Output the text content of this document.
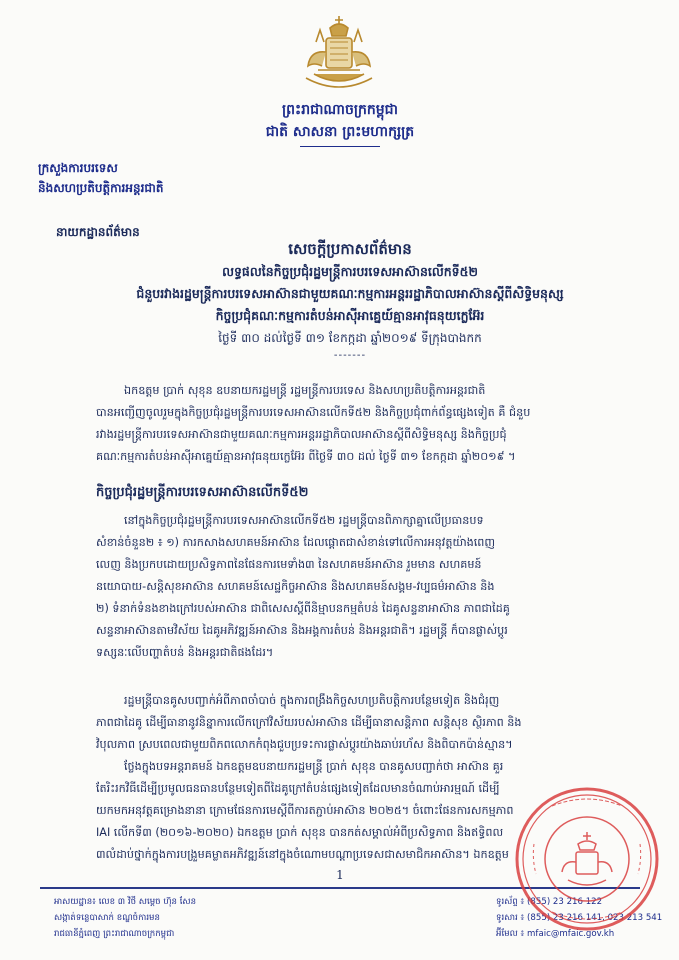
ព្រះរាជាណាចក្រកម្ពុជា
ជាតិ សាសនា ព្រះមហាក្សត្រ
ក្រសួងការបរទេស
និងសហប្រតិបត្តិការអន្តរជាតិ
នាយកដ្ឋានព័ត៌មាន
សេចក្តីប្រកាសព័ត៌មាន
លទ្ធផលនៃកិច្ចប្រជុំរដ្ឋមន្ត្រីការបរទេសអាស៊ានលើកទី៥២
ជំនួបរវាងរដ្ឋមន្ត្រីការបរទេសអាស៊ានជាមួយគណៈកម្មការអន្តររដ្ឋាភិបាលអាស៊ានស្តីពីសិទ្ធិមនុស្ស
កិច្ចប្រជុំគណៈកម្មការតំបន់អាស៊ីអាគ្នេយ៍គ្មានអាវុធនុយក្លេអ៊ែរ
ថ្ងៃទី ៣០ ដល់ថ្ងៃទី ៣១ ខែកក្កដា ឆ្នាំ២០១៩ ទីក្រុងបាងកក
-------
ឯកឧត្តម ប្រាក់ សុខុន ឧបនាយករដ្ឋមន្ត្រី រដ្ឋមន្ត្រីការបរទេស និងសហប្រតិបត្តិការអន្តរជាតិ
បានអញ្ជើញចូលរួមក្នុងកិច្ចប្រជុំរដ្ឋមន្ត្រីការបរទេសអាស៊ានលើកទី៥២ និងកិច្ចប្រជុំពាក់ព័ន្ធផ្សេងទៀត គឺ ជំនួប
រវាងរដ្ឋមន្ត្រីការបរទេសអាស៊ានជាមួយគណៈកម្មការអន្តររដ្ឋាភិបាលអាស៊ានស្តីពីសិទ្ធិមនុស្ស និងកិច្ចប្រជុំ
គណៈកម្មការតំបន់អាស៊ីអាគ្នេយ៍គ្មានអាវុធនុយក្លេអ៊ែរ ពីថ្ងៃទី ៣០ ដល់ ថ្ងៃទី ៣១ ខែកក្កដា ឆ្នាំ២០១៩ ។
កិច្ចប្រជុំរដ្ឋមន្ត្រីការបរទេសអាស៊ានលើកទី៥២
នៅក្នុងកិច្ចប្រជុំរដ្ឋមន្ត្រីការបរទេសអាស៊ានលើកទី៥២ រដ្ឋមន្ត្រីបានពិភាក្សាគ្នាលើប្រធានបទ
សំខាន់ចំនួន២ ៖ ១) ការកសាងសហគមន៍អាស៊ាន ដែលផ្តោតជាសំខាន់ទៅលើការអនុវត្តយ៉ាងពេញ
លេញ និងប្រកបដោយប្រសិទ្ធភាពនៃផែនការមេទាំង៣ នៃសហគមន៍អាស៊ាន រួមមាន សហគមន៍
នយោបាយ-សន្តិសុខអាស៊ាន សហគមន៍សេដ្ឋកិច្ចអាស៊ាន និងសហគមន៍សង្គម-វប្បធម៌អាស៊ាន និង
២) ទំនាក់ទំនងខាងក្រៅរបស់អាស៊ាន ជាពិសេសស្តីពីនិម្មាបនកម្មតំបន់ ដៃគូសន្ទនាអាស៊ាន ភាពជាដៃគូ
សន្ទនាអាស៊ានតាមវិស័យ ដៃគូអភិវឌ្ឍន៍អាស៊ាន និងអង្គការតំបន់ និងអន្តរជាតិ។ រដ្ឋមន្ត្រី ក៏បានផ្លាស់ប្តូរ
ទស្សនៈលើបញ្ហាតំបន់ និងអន្តរជាតិផងដែរ។
រដ្ឋមន្ត្រីបានគូសបញ្ជាក់អំពីភាពចាំបាច់ ក្នុងការពង្រឹងកិច្ចសហប្រតិបត្តិការបន្ថែមទៀត និងជំរុញ
ភាពជាដៃគូ ដើម្បីធានានូវនិន្នាការលើកក្រៅវិស័យរបស់អាស៊ាន ដើម្បីធានាសន្តិភាព សន្តិសុខ ស្ថិរភាព និង
វិបុលភាព ស្របពេលជាមួយពិភពលោកកំពុងជួបប្រទះការផ្លាស់ប្តូរយ៉ាងឆាប់រហ័ស និងពិបាកប៉ាន់ស្មាន។
ថ្លែងក្នុងបទអន្តរាគមន៍ ឯកឧត្តមឧបនាយករដ្ឋមន្ត្រី ប្រាក់ សុខុន បានគូសបញ្ជាក់ថា អាស៊ាន គួរ
តែរិះរកវិធីដើម្បីប្រមូលធនធានបន្ថែមទៀតពីដៃគូក្រៅតំបន់ផ្សេងទៀតដែលមានចំណាប់អារម្មណ៍ ដើម្បី
យកមកអនុវត្តគម្រោងនានា ក្រោមផែនការមេស្តីពីការតភ្ជាប់អាស៊ាន ២០២៥។ ចំពោះផែនការសកម្មភាព
IAI លើកទី៣ (២០១៦-២០២០) ឯកឧត្តម ប្រាក់ សុខុន បានកត់សម្គាល់អំពីប្រសិទ្ធភាព និងឥទ្ធិពល
៣លំដាប់ថ្នាក់ក្នុងការបង្រួមគម្លាតអភិវឌ្ឍន៍នៅក្នុងចំណោមបណ្តាប្រទេសជាសមាជិកអាស៊ាន។ ឯកឧត្តម
1
អាសយដ្ឋាន៖ លេខ ៣ វិថី សម្តេច ហ៊ុន សែន
សង្កាត់ទន្លេបាសាក់ ខណ្ឌចំការមន
រាជធានីភ្នំពេញ ព្រះរាជាណាចក្រកម្ពុជា
ទូរស័ព្ទ ៖ (855) 23 216 122
ទូរសារ ៖ (855) 23 216 141, 023 213 541
អ៊ីមែល ៖ mfaic@mfaic.gov.kh
